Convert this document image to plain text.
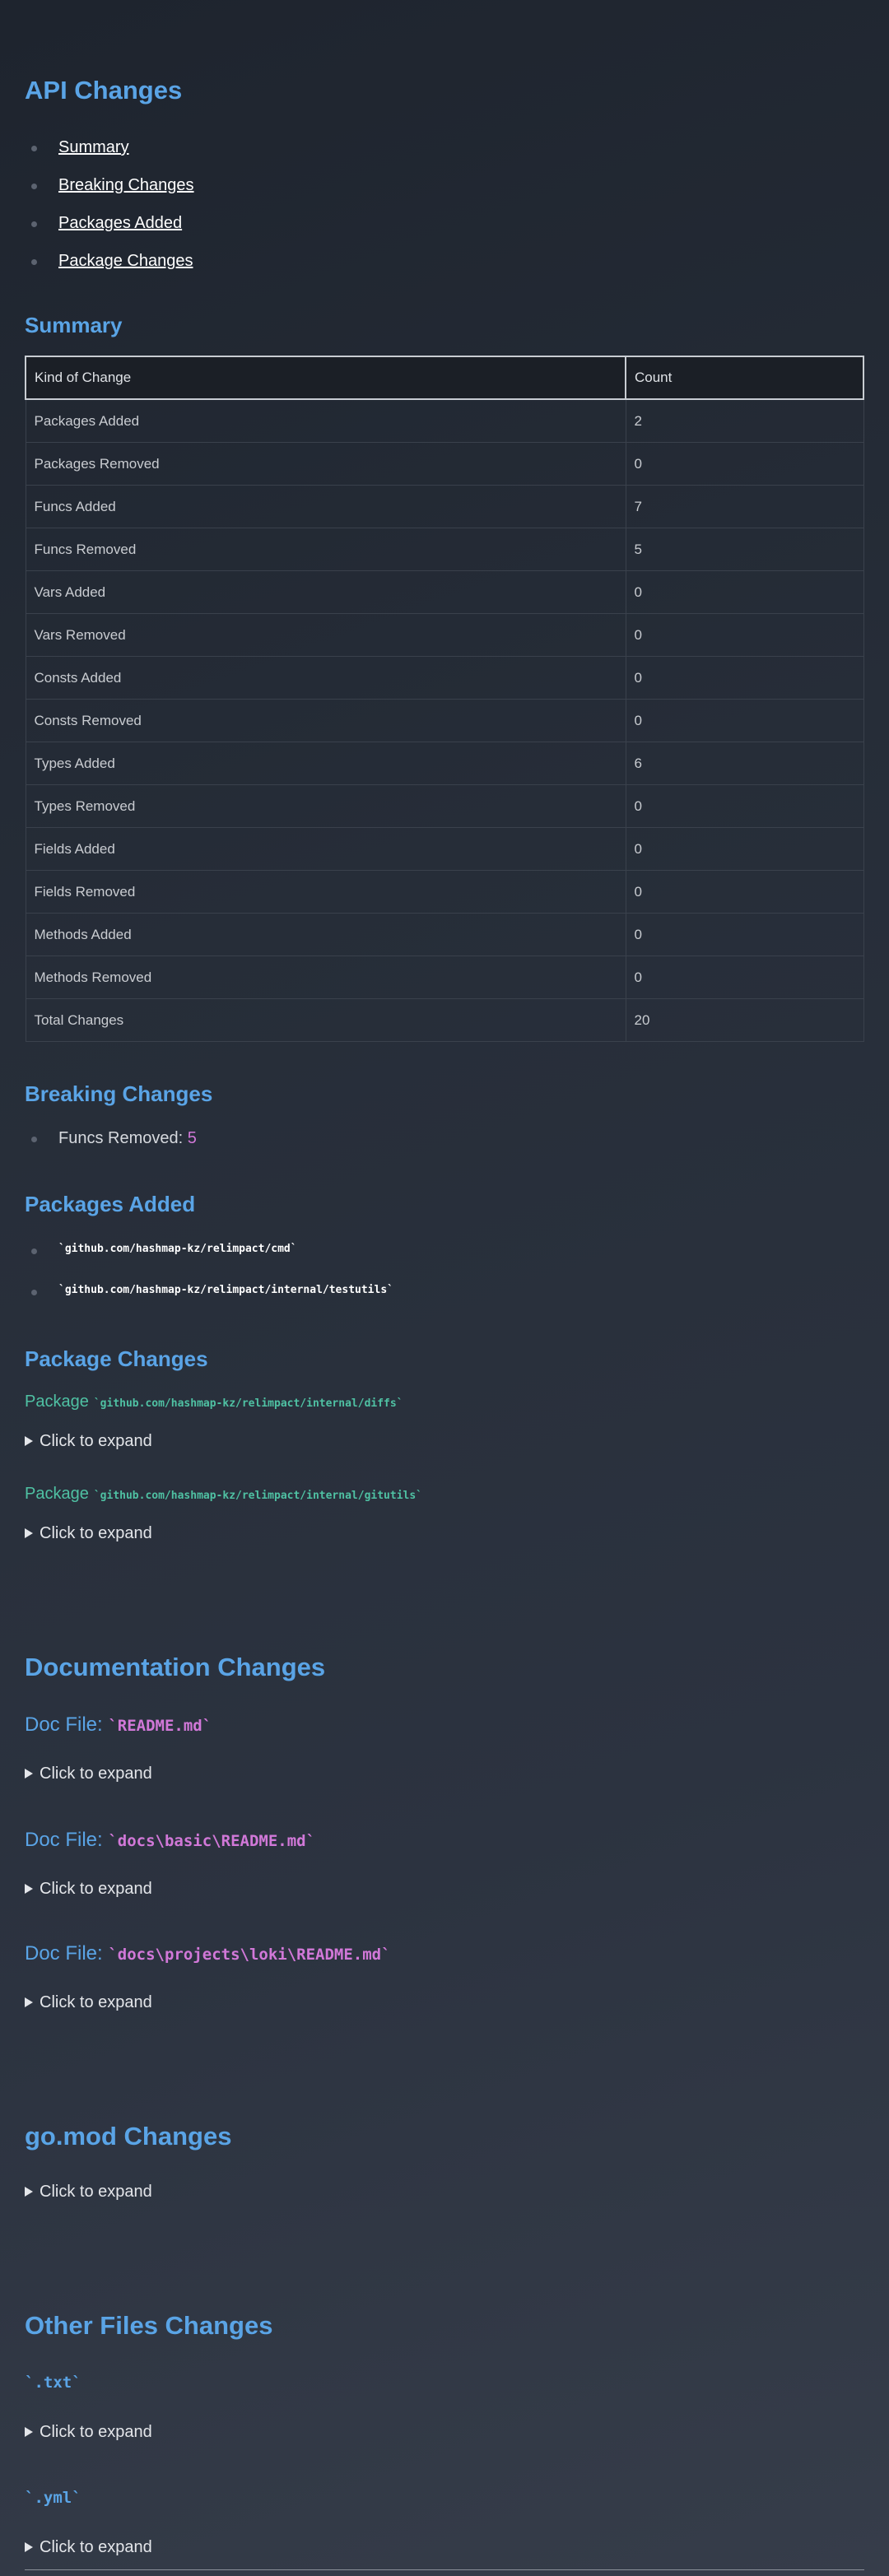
API Changes
Summary
Breaking Changes
Packages Added
Package Changes
Summary
Kind of Change	Count
Packages Added	2
Packages Removed	0
Funcs Added	7
Funcs Removed	5
Vars Added	0
Vars Removed	0
Consts Added	0
Consts Removed	0
Types Added	6
Types Removed	0
Fields Added	0
Fields Removed	0
Methods Added	0
Methods Removed	0
Total Changes	20
Breaking Changes
Funcs Removed: 5
Packages Added
`github.com/hashmap-kz/relimpact/cmd`
`github.com/hashmap-kz/relimpact/internal/testutils`
Package Changes
Package `github.com/hashmap-kz/relimpact/internal/diffs`
Click to expand
Package `github.com/hashmap-kz/relimpact/internal/gitutils`
Click to expand
Documentation Changes
Doc File: `README.md`
Click to expand
Doc File: `docs\basic\README.md`
Click to expand
Doc File: `docs\projects\loki\README.md`
Click to expand
go.mod Changes
Click to expand
Other Files Changes
`.txt`
Click to expand
`.yml`
Click to expand
